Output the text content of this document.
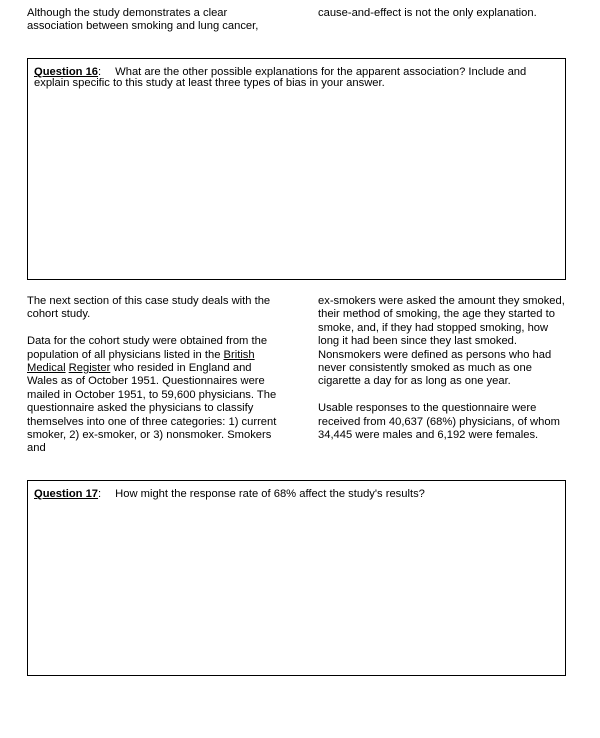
Although the study demonstrates a clear association between smoking and lung cancer,

cause-and-effect is not the only explanation.

Question 16: What are the other possible explanations for the apparent association? Include and explain specific to this study at least three types of bias in your answer.

The next section of this case study deals with the cohort study.

Data for the cohort study were obtained from the population of all physicians listed in the British Medical Register who resided in England and Wales as of October 1951. Questionnaires were mailed in October 1951, to 59,600 physicians. The questionnaire asked the physicians to classify themselves into one of three categories: 1) current smoker, 2) ex-smoker, or 3) nonsmoker. Smokers and

ex-smokers were asked the amount they smoked, their method of smoking, the age they started to smoke, and, if they had stopped smoking, how long it had been since they last smoked. Nonsmokers were defined as persons who had never consistently smoked as much as one cigarette a day for as long as one year.

Usable responses to the questionnaire were received from 40,637 (68%) physicians, of whom 34,445 were males and 6,192 were females.

Question 17: How might the response rate of 68% affect the study's results?
